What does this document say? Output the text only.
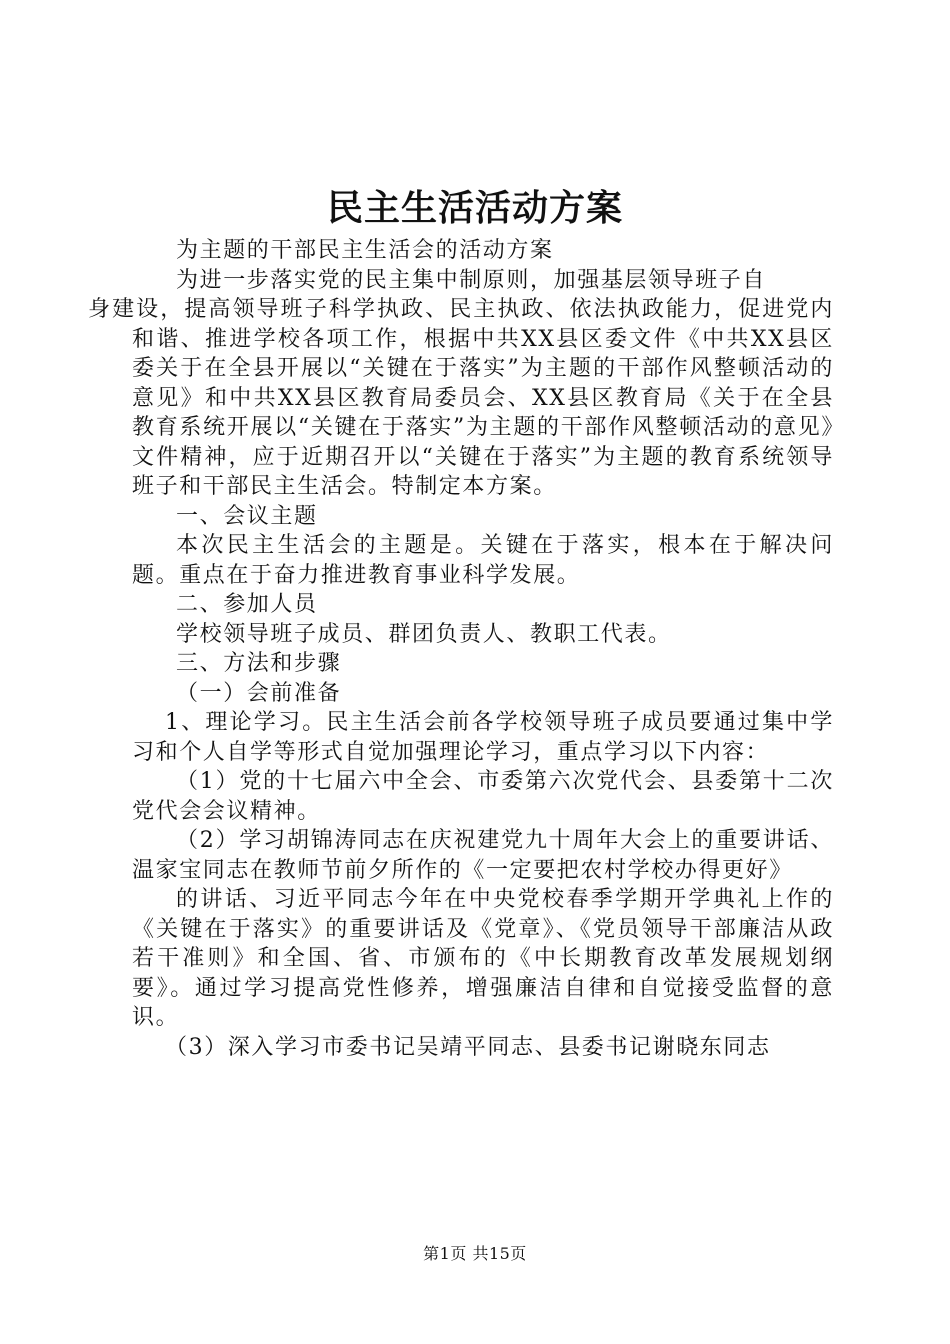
民主生活活动方案

为主题的干部民主生活会的活动方案

为进一步落实党的民主集中制原则，加强基层领导班子自

身建设，提高领导班子科学执政、民主执政、依法执政能力，促进党内和谐、推进学校各项工作，根据中共XX县区委文件《中共XX县区委关于在全县开展以“关键在于落实”为主题的干部作风整顿活动的意见》和中共XX县区教育局委员会、XX县区教育局《关于在全县教育系统开展以“关键在于落实”为主题的干部作风整顿活动的意见》文件精神，应于近期召开以“关键在于落实”为主题的教育系统领导班子和干部民主生活会。特制定本方案。

一、会议主题

本次民主生活会的主题是。关键在于落实，根本在于解决问题。重点在于奋力推进教育事业科学发展。

二、参加人员

学校领导班子成员、群团负责人、教职工代表。

三、方法和步骤

（一）会前准备

1、理论学习。民主生活会前各学校领导班子成员要通过集中学习和个人自学等形式自觉加强理论学习，重点学习以下内容：

（1）党的十七届六中全会、市委第六次党代会、县委第十二次党代会会议精神。

（2）学习胡锦涛同志在庆祝建党九十周年大会上的重要讲话、温家宝同志在教师节前夕所作的《一定要把农村学校办得更好》

的讲话、习近平同志今年在中央党校春季学期开学典礼上作的《关键在于落实》的重要讲话及《党章》、《党员领导干部廉洁从政若干准则》和全国、省、市颁布的《中长期教育改革发展规划纲要》。通过学习提高党性修养，增强廉洁自律和自觉接受监督的意识。

（3）深入学习市委书记吴靖平同志、县委书记谢晓东同志

第1页 共15页
